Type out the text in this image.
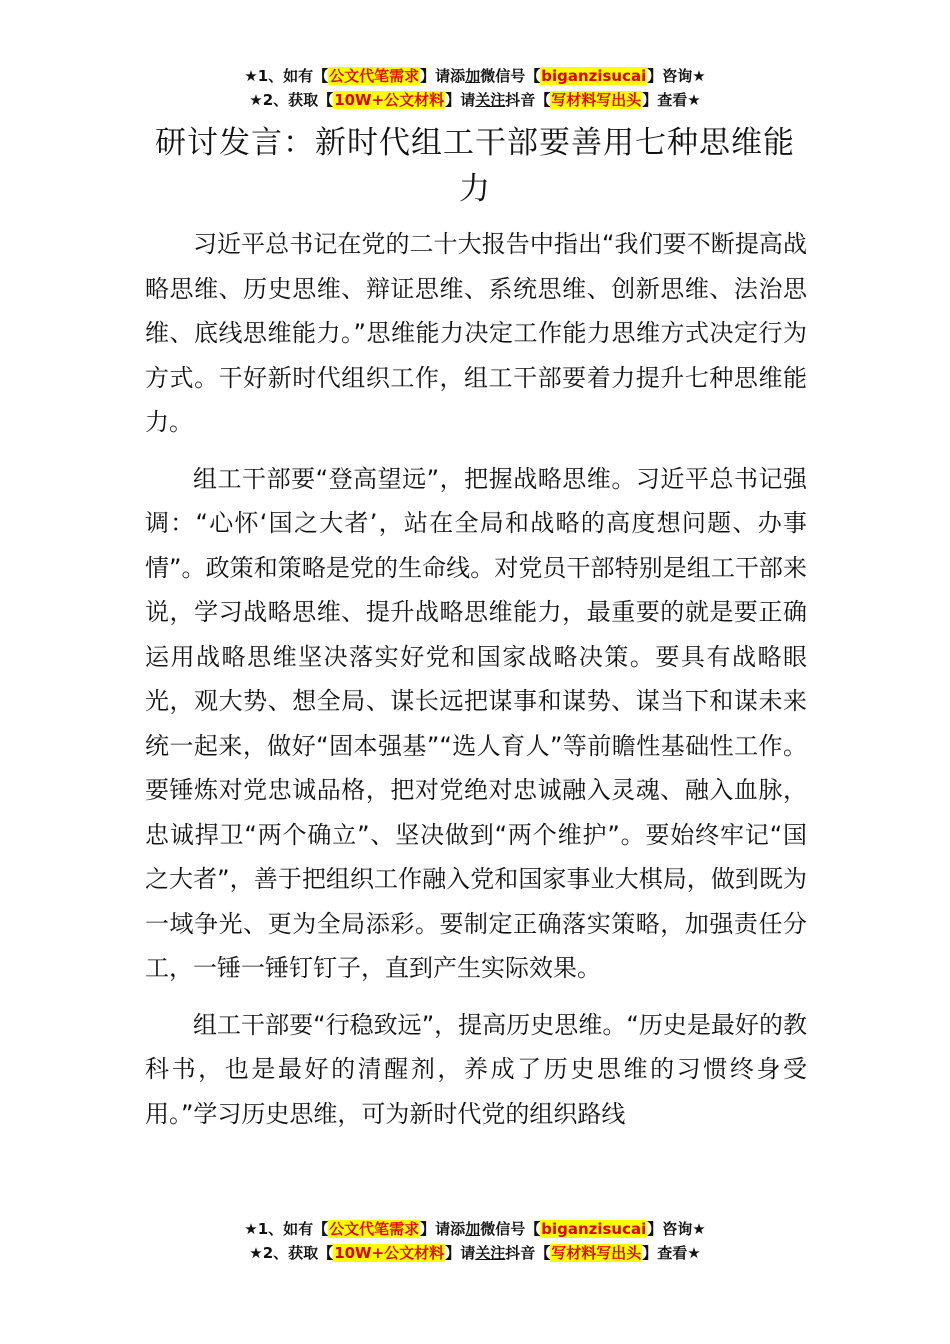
★1、如有【公文代笔需求】请添加微信号【biganzisucai】咨询★
★2、获取【10W+公文材料】请关注抖音【写材料写出头】查看★
研讨发言：新时代组工干部要善用七种思维能力

习近平总书记在党的二十大报告中指出“我们要不断提高战略思维、历史思维、辩证思维、系统思维、创新思维、法治思维、底线思维能力。”思维能力决定工作能力思维方式决定行为方式。干好新时代组织工作，组工干部要着力提升七种思维能力。

组工干部要“登高望远”，把握战略思维。习近平总书记强调：“心怀‘国之大者’，站在全局和战略的高度想问题、办事情”。政策和策略是党的生命线。对党员干部特别是组工干部来说，学习战略思维、提升战略思维能力，最重要的就是要正确运用战略思维坚决落实好党和国家战略决策。要具有战略眼光，观大势、想全局、谋长远把谋事和谋势、谋当下和谋未来统一起来，做好“固本强基”“选人育人”等前瞻性基础性工作。要锤炼对党忠诚品格，把对党绝对忠诚融入灵魂、融入血脉，忠诚捍卫“两个确立”、坚决做到“两个维护”。要始终牢记“国之大者”，善于把组织工作融入党和国家事业大棋局，做到既为一域争光、更为全局添彩。要制定正确落实策略，加强责任分工，一锤一锤钉钉子，直到产生实际效果。

组工干部要“行稳致远”，提高历史思维。“历史是最好的教科书，也是最好的清醒剂，养成了历史思维的习惯终身受用。”学习历史思维，可为新时代党的组织路线

★1、如有【公文代笔需求】请添加微信号【biganzisucai】咨询★
★2、获取【10W+公文材料】请关注抖音【写材料写出头】查看★
